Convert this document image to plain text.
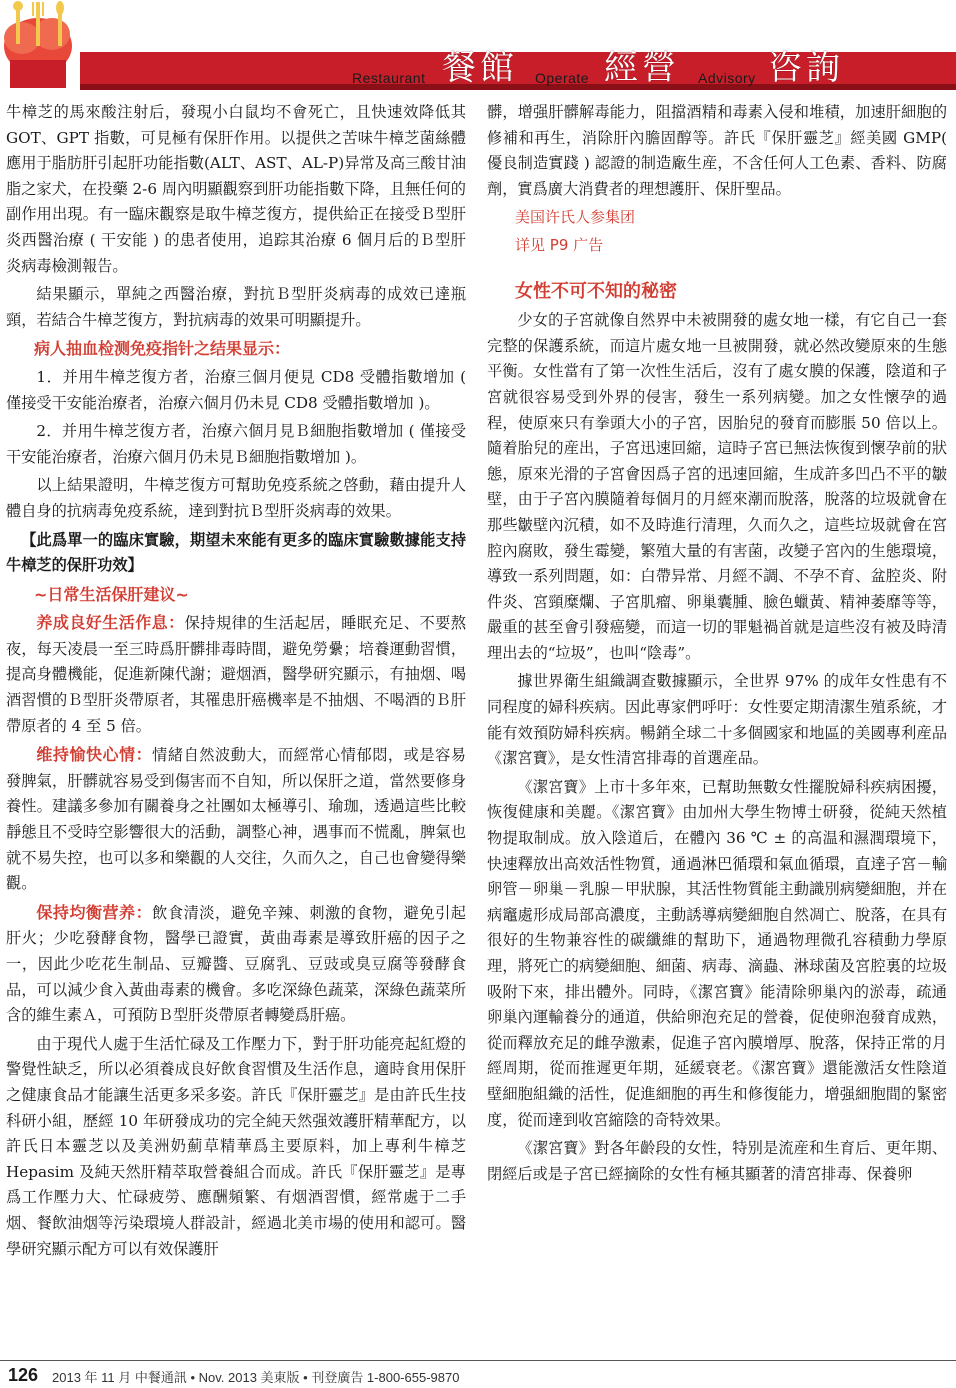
Restaurant 餐館 Operate 經營 Advisory 咨詢

牛樟芝的馬來酸注射后，發現小白鼠均不會死亡，且快速效降低其 GOT、GPT 指數，可見極有保肝作用。以提供之苦味牛樟芝菌絲體應用于脂肪肝引起肝功能指數(ALT、AST、AL-P)异常及高三酸甘油脂之家犬，在投藥 2-6 周內明顯觀察到肝功能指數下降，且無任何的副作用出現。有一臨床觀察是取牛樟芝復方，提供給正在接受Ｂ型肝炎西醫治療 ( 干安能 ) 的患者使用，追踪其治療 6 個月后的Ｂ型肝炎病毒檢測報告。

結果顯示，單純之西醫治療，對抗Ｂ型肝炎病毒的成效已達瓶頸，若結合牛樟芝復方，對抗病毒的效果可明顯提升。

病人抽血检测免疫指针之结果显示：

1．并用牛樟芝復方者，治療三個月便見 CD8 受體指數增加 ( 僅接受干安能治療者，治療六個月仍未見 CD8 受體指數增加 )。

2．并用牛樟芝復方者，治療六個月見Ｂ細胞指數增加 ( 僅接受干安能治療者，治療六個月仍未見Ｂ細胞指數增加 )。

以上結果證明，牛樟芝復方可幫助免疫系統之啓動，藉由提升人體自身的抗病毒免疫系統，達到對抗Ｂ型肝炎病毒的效果。

【此爲單一的臨床實驗，期望未來能有更多的臨床實驗數據能支持牛樟芝的保肝功效】

~日常生活保肝建议~

养成良好生活作息：保持規律的生活起居，睡眠充足、不要熬夜，每天凌晨一至三時爲肝髒排毒時間，避免勞纍；培養運動習慣，提高身體機能，促進新陳代謝；避烟酒，醫學研究顯示，有抽烟、喝酒習慣的Ｂ型肝炎帶原者，其罹患肝癌機率是不抽烟、不喝酒的Ｂ肝帶原者的 4 至 5 倍。

维持愉快心情：情緒自然波動大，而經常心情郁悶，或是容易發脾氣，肝髒就容易受到傷害而不自知，所以保肝之道，當然要修身養性。建議多參加有關養身之社團如太極導引、瑜珈，透過這些比較靜態且不受時空影響很大的活動，調整心神，遇事而不慌亂，脾氣也就不易失控，也可以多和樂觀的人交往，久而久之，自己也會變得樂觀。

保持均衡营养：飲食清淡，避免辛辣、刺激的食物，避免引起肝火；少吃發酵食物，醫學已證實，黃曲毒素是導致肝癌的因子之一，因此少吃花生制品、豆瓣醬、豆腐乳、豆豉或臭豆腐等發酵食品，可以減少食入黃曲毒素的機會。多吃深綠色蔬菜，深綠色蔬菜所含的維生素Ａ，可預防Ｂ型肝炎帶原者轉變爲肝癌。

由于現代人處于生活忙碌及工作壓力下，對于肝功能亮起紅燈的警覺性缺乏，所以必須養成良好飲食習慣及生活作息，適時食用保肝之健康食品才能讓生活更多采多姿。許氏『保肝靈芝』是由許氏生技科研小組，歷經 10 年研發成功的完全純天然强效護肝精華配方，以許氏日本靈芝以及美洲奶薊草精華爲主要原料，加上專利牛樟芝 Hepasim 及純天然肝精萃取營養組合而成。許氏『保肝靈芝』是專爲工作壓力大、忙碌疲勞、應酬頻繁、有烟酒習慣，經常處于二手烟、餐飲油烟等污染環境人群設計，經過北美市場的使用和認可。醫學研究顯示配方可以有效保護肝

髒，增强肝髒解毒能力，阻擋酒精和毒素入侵和堆積，加速肝細胞的修補和再生，消除肝內膽固醇等。許氏『保肝靈芝』經美國 GMP( 優良制造實踐 ) 認證的制造廠生産，不含任何人工色素、香料、防腐劑，實爲廣大消費者的理想護肝、保肝聖品。

美国许氏人参集团

详见 P9 广告

女性不可不知的秘密

少女的子宮就像自然界中未被開發的處女地一樣，有它自己一套完整的保護系統，而這片處女地一旦被開發，就必然改變原來的生態平衡。女性當有了第一次性生活后，沒有了處女膜的保護，陰道和子宮就很容易受到外界的侵害，發生一系列病變。加之女性懷孕的過程，使原來只有拳頭大小的子宮，因胎兒的發育而膨脹 50 倍以上。隨着胎兒的産出，子宮迅速回縮，這時子宮已無法恢復到懷孕前的狀態，原來光滑的子宮會因爲子宮的迅速回縮，生成許多凹凸不平的皺壁，由于子宮內膜隨着每個月的月經來潮而脫落，脫落的垃圾就會在那些皺壁內沉積，如不及時進行清理，久而久之，這些垃圾就會在宮腔內腐敗，發生霉變，繁殖大量的有害菌，改變子宮內的生態環境，導致一系列問題，如：白帶异常、月經不調、不孕不育、盆腔炎、附件炎、宮頸糜爛、子宮肌瘤、卵巢囊腫、臉色蠟黃、精神萎靡等等，嚴重的甚至會引發癌變，而這一切的罪魁禍首就是這些沒有被及時清理出去的“垃圾”，也叫“陰毒”。

據世界衛生組織調查數據顯示，全世界 97% 的成年女性患有不同程度的婦科疾病。因此專家們呼吁：女性要定期清潔生殖系統，才能有效預防婦科疾病。暢銷全球二十多個國家和地區的美國專利産品《潔宮寶》，是女性清宮排毒的首選産品。

《潔宮寶》上市十多年來，已幫助無數女性擺脫婦科疾病困擾，恢復健康和美麗。《潔宮寶》由加州大學生物博士研發，從純天然植物提取制成。放入陰道后，在體內 36 ℃ ± 的高温和濕潤環境下，快速釋放出高效活性物質，通過淋巴循環和氣血循環，直達子宮－輸卵管－卵巢－乳腺－甲狀腺，其活性物質能主動識別病變細胞，并在病竈處形成局部高濃度，主動誘導病變細胞自然凋亡、脫落，在具有很好的生物兼容性的碳纖維的幫助下，通過物理微孔容積動力學原理，將死亡的病變細胞、細菌、病毒、滴蟲、淋球菌及宮腔裏的垃圾吸附下來，排出體外。同時，《潔宮寶》能清除卵巢內的淤毒，疏通卵巢內運輸養分的通道，供給卵泡充足的營養，促使卵泡發育成熟，從而釋放充足的雌孕激素，促進子宮內膜增厚、脫落，保持正常的月經周期，從而推遲更年期，延緩衰老。《潔宮寶》還能激活女性陰道壁細胞組織的活性，促進細胞的再生和修復能力，增强細胞間的緊密度，從而達到收宮縮陰的奇特效果。

《潔宮寶》對各年齡段的女性，特别是流産和生育后、更年期、閉經后或是子宮已經摘除的女性有極其顯著的清宮排毒、保養卵

126 2013 年 11 月 中餐通訊 • Nov. 2013 美東版 • 刊登廣告 1-800-655-9870
